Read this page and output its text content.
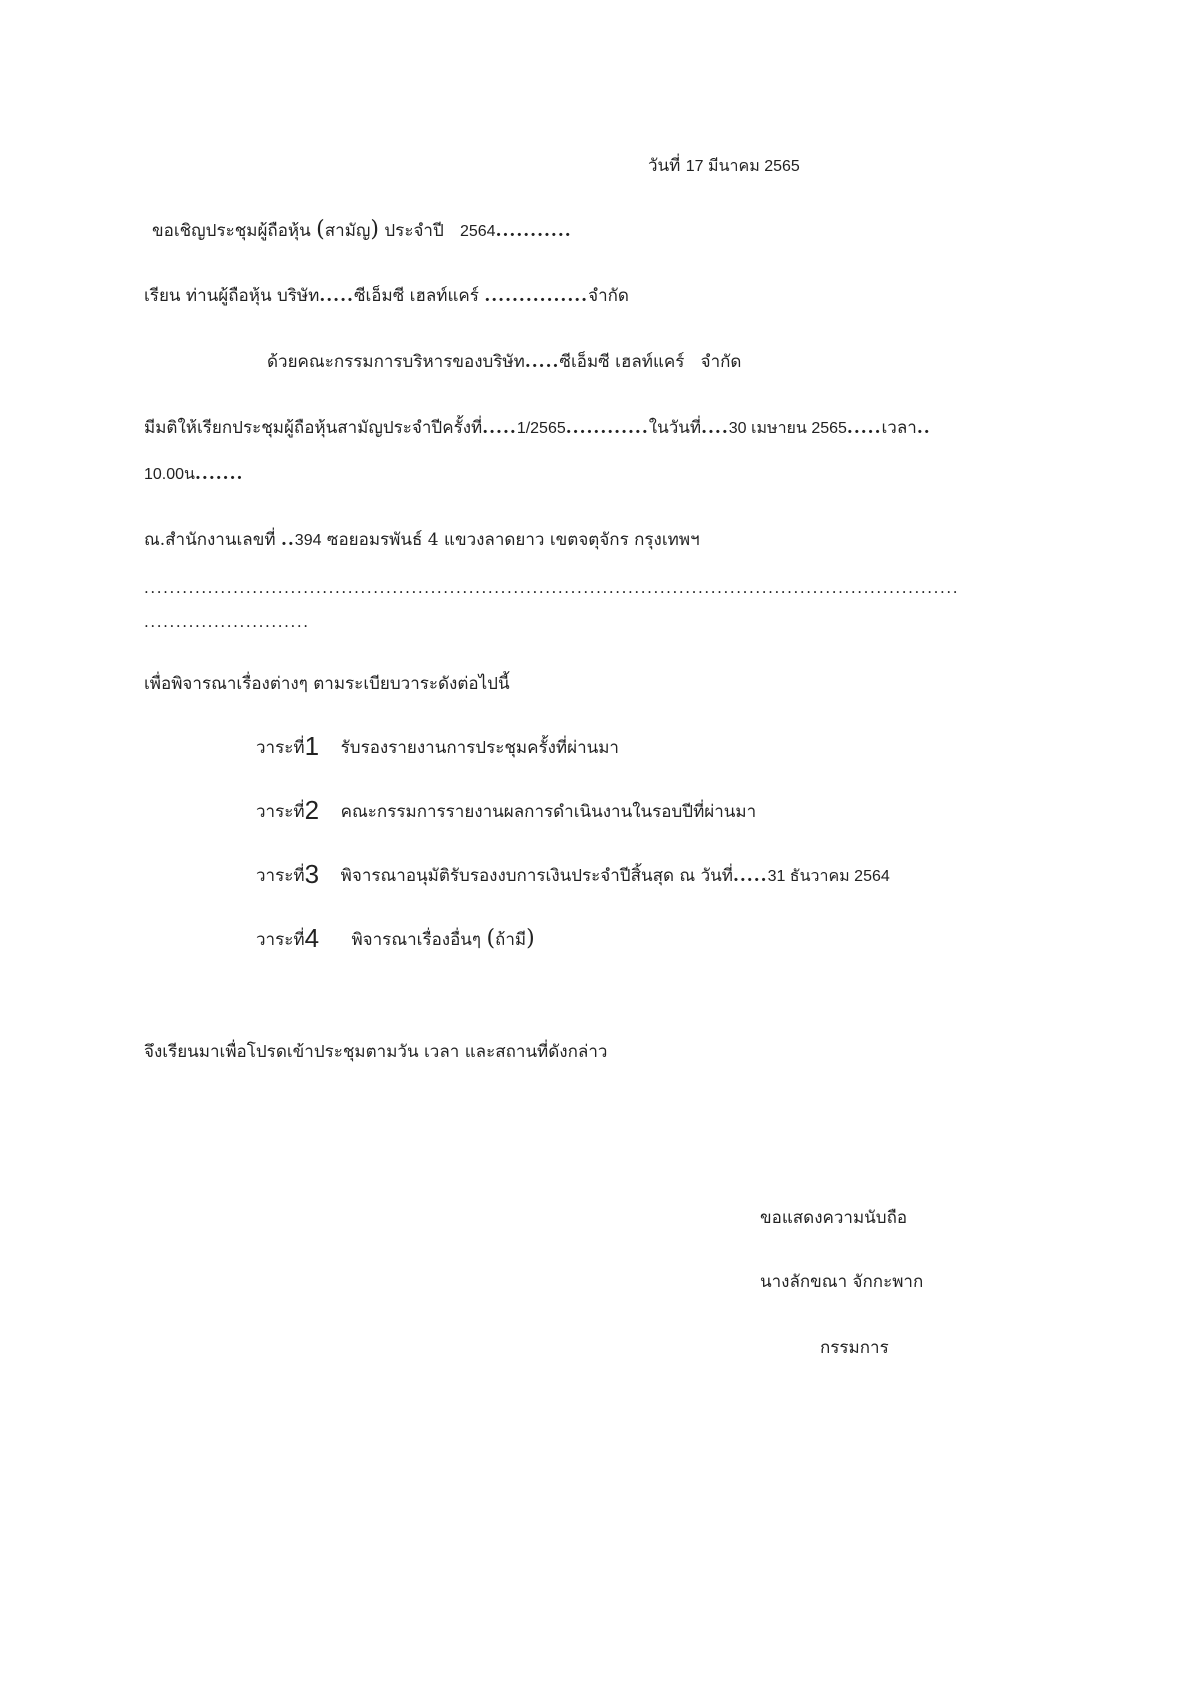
วันที่ 17 มีนาคม 2565
ขอเชิญประชุมผู้ถือหุ้น (สามัญ) ประจำปี 2564...........
เรียน ท่านผู้ถือหุ้น บริษัท.....ซีเอ็มซี เฮลท์แคร์ ...............จำกัด
ด้วยคณะกรรมการบริหารของบริษัท.....ซีเอ็มซี เฮลท์แคร์ จำกัด
มีมติให้เรียกประชุมผู้ถือหุ้นสามัญประจำปีครั้งที่.....1/2565............ในวันที่....30 เมษายน 2565.....เวลา..
10.00น.......
ณ.สำนักงานเลขที่ ..394 ซอยอมรพันธ์ 4 แขวงลาดยาว เขตจตุจักร กรุงเทพฯ
................................................................................................................................
..........................
เพื่อพิจารณาเรื่องต่างๆ ตามระเบียบวาระดังต่อไปนี้
วาระที่1 รับรองรายงานการประชุมครั้งที่ผ่านมา
วาระที่2 คณะกรรมการรายงานผลการดำเนินงานในรอบปีที่ผ่านมา
วาระที่3 พิจารณาอนุมัติรับรองงบการเงินประจำปีสิ้นสุด ณ วันที่.....31 ธันวาคม 2564
วาระที่4 พิจารณาเรื่องอื่นๆ (ถ้ามี)
จึงเรียนมาเพื่อโปรดเข้าประชุมตามวัน เวลา และสถานที่ดังกล่าว
ขอแสดงความนับถือ
นางลักขณา จักกะพาก
กรรมการ
